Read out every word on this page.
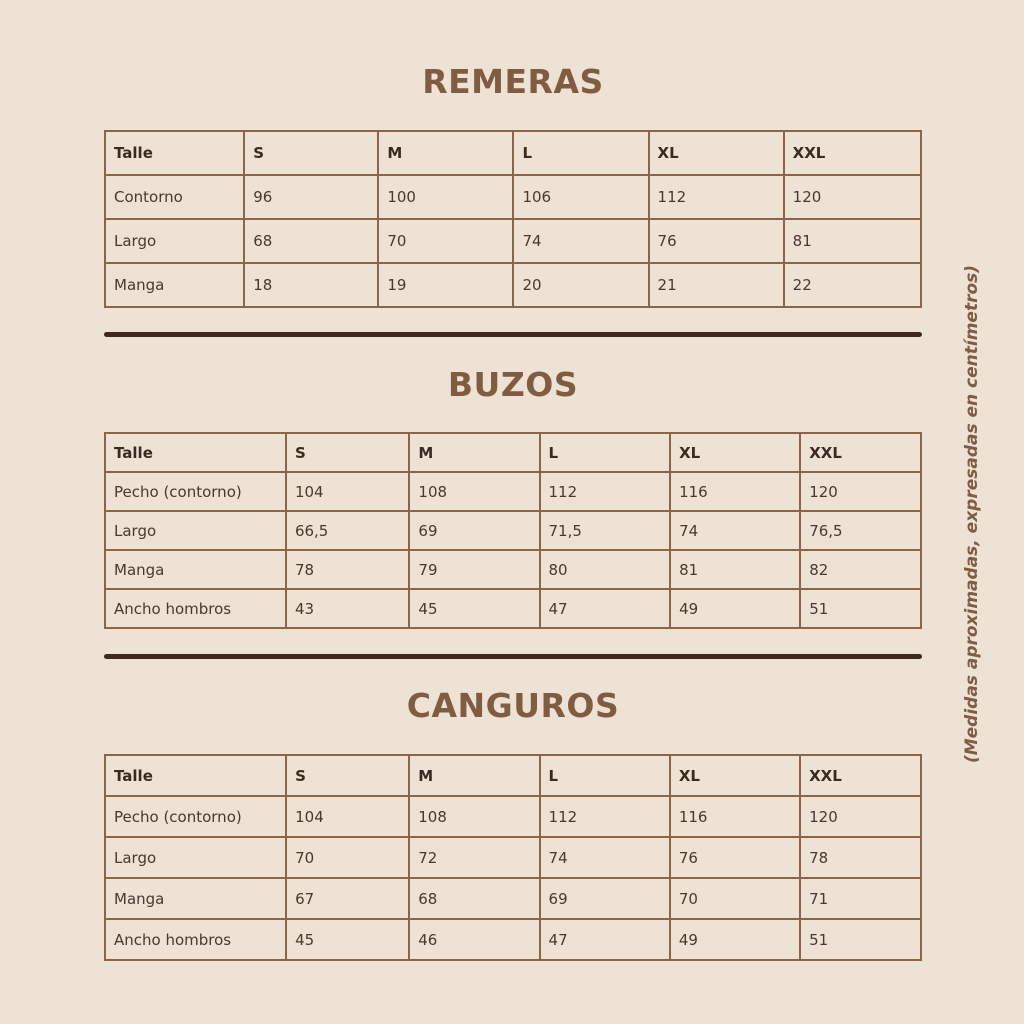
REMERAS
Talle	S	M	L	XL	XXL
Contorno	96	100	106	112	120
Largo	68	70	74	76	81
Manga	18	19	20	21	22
BUZOS
Talle	S	M	L	XL	XXL
Pecho (contorno)	104	108	112	116	120
Largo	66,5	69	71,5	74	76,5
Manga	78	79	80	81	82
Ancho hombros	43	45	47	49	51
CANGUROS
Talle	S	M	L	XL	XXL
Pecho (contorno)	104	108	112	116	120
Largo	70	72	74	76	78
Manga	67	68	69	70	71
Ancho hombros	45	46	47	49	51
(Medidas aproximadas, expresadas en centímetros)
